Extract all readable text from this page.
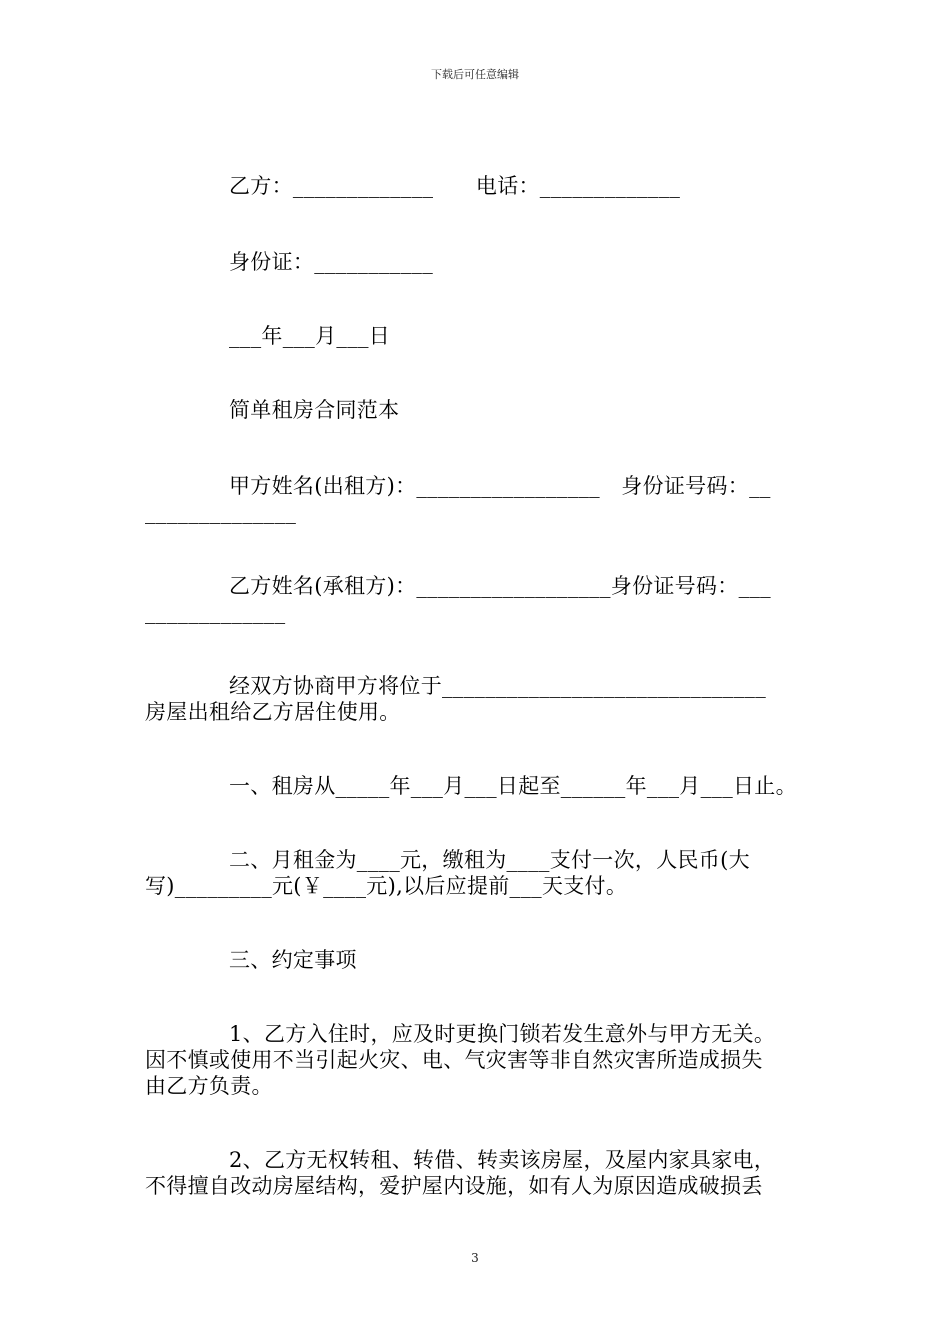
下载后可任意编辑
乙方：_____________　　电话：_____________
身份证：___________
___年___月___日
简单租房合同范本
甲方姓名(出租方)：_________________　身份证号码：__
______________
乙方姓名(承租方)：__________________身份证号码：___
_____________
经双方协商甲方将位于______________________________
房屋出租给乙方居住使用。
一、租房从_____年___月___日起至______年___月___日止。
二、月租金为____元，缴租为____支付一次，人民币(大
写)_________元(￥____元),以后应提前___天支付。
三、约定事项
1、乙方入住时，应及时更换门锁若发生意外与甲方无关。
因不慎或使用不当引起火灾、电、气灾害等非自然灾害所造成损失
由乙方负责。
2、乙方无权转租、转借、转卖该房屋，及屋内家具家电，
不得擅自改动房屋结构，爱护屋内设施，如有人为原因造成破损丢
3
